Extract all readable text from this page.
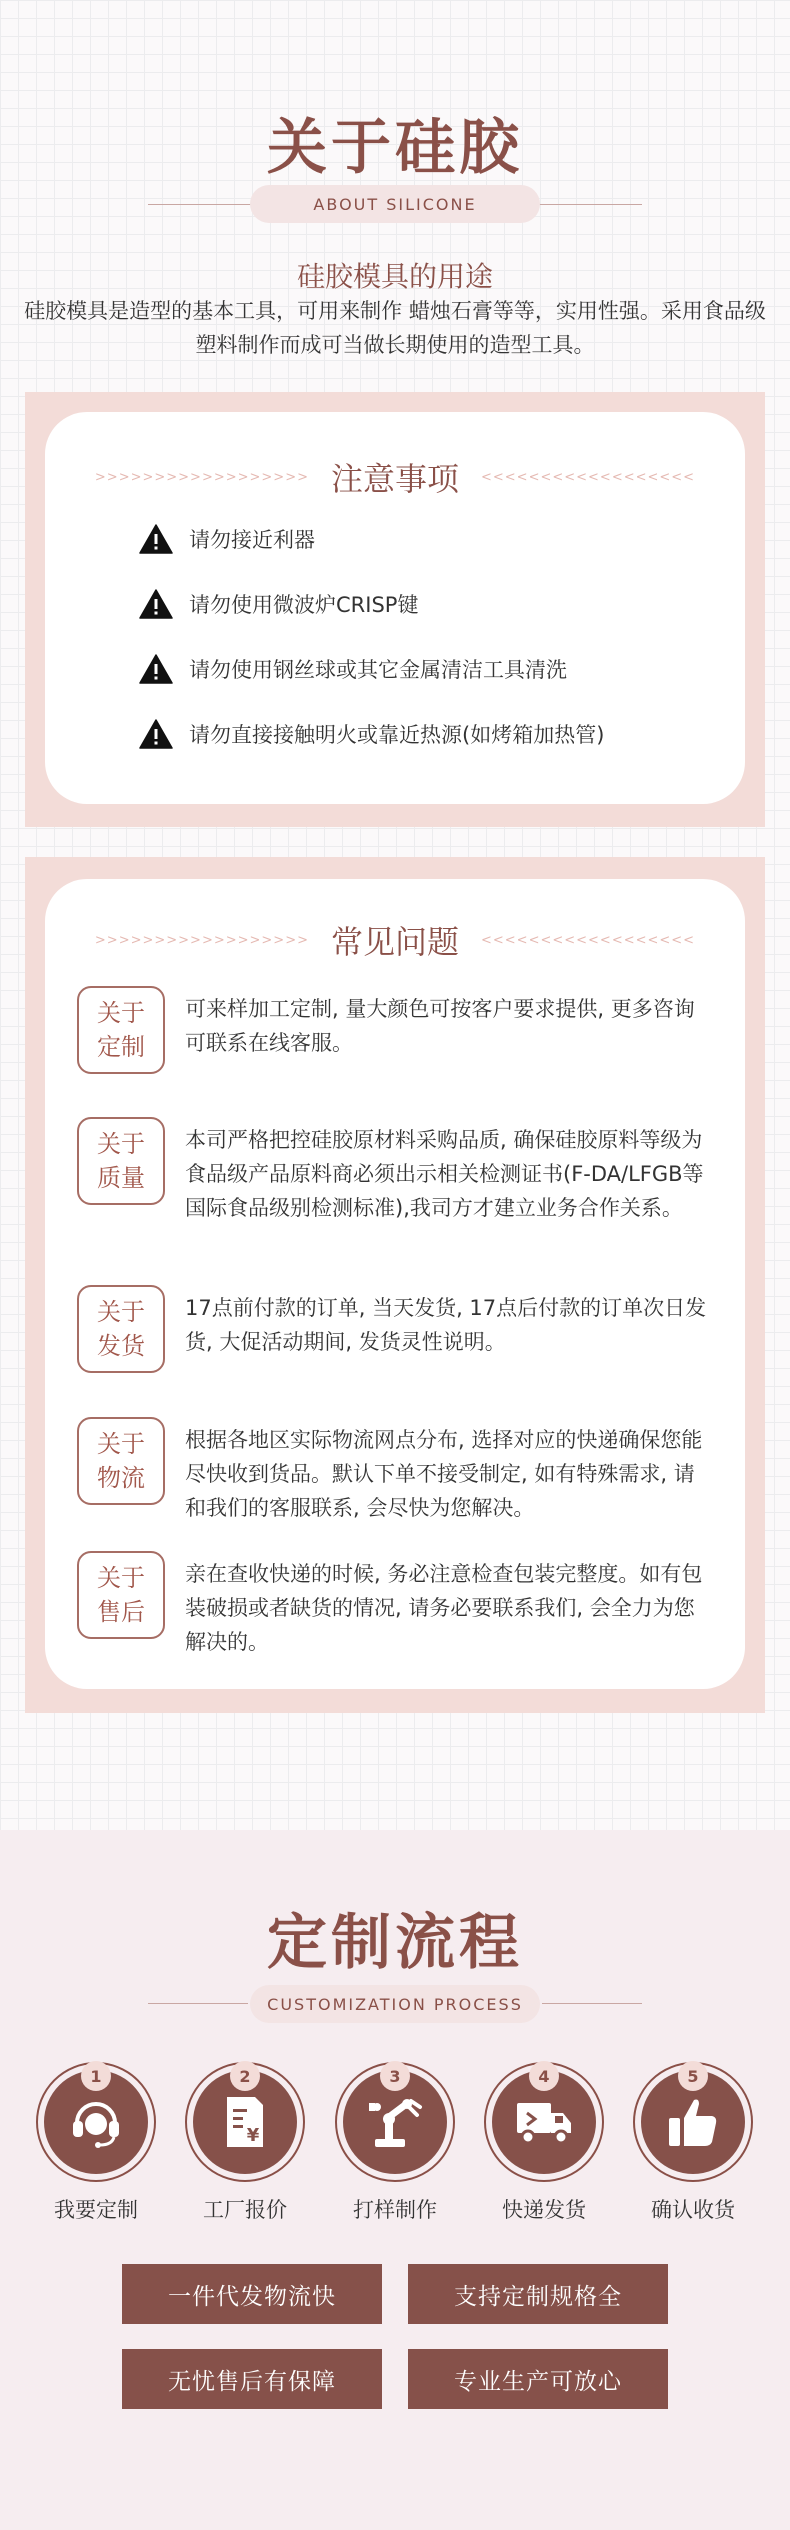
关于硅胶
ABOUT SILICONE
硅胶模具的用途
硅胶模具是造型的基本工具，可用来制作 蜡烛石膏等等，实用性强。采用食品级塑料制作而成可当做长期使用的造型工具。
>>>>>>>>>>>>>>>>>> 注意事项 <<<<<<<<<<<<<<<<<<
请勿接近利器
请勿使用微波炉CRISP键
请勿使用钢丝球或其它金属清洁工具清洗
请勿直接接触明火或靠近热源(如烤箱加热管)
>>>>>>>>>>>>>>>>>> 常见问题 <<<<<<<<<<<<<<<<<<
关于
定制
可来样加工定制, 量大颜色可按客户要求提供, 更多咨询可联系在线客服。
关于
质量
本司严格把控硅胶原材料采购品质, 确保硅胶原料等级为食品级产品原料商必须出示相关检测证书(F-DA/LFGB等国际食品级别检测标准),我司方才建立业务合作关系。
关于
发货
17点前付款的订单, 当天发货, 17点后付款的订单次日发货, 大促活动期间, 发货灵性说明。
关于
物流
根据各地区实际物流网点分布, 选择对应的快递确保您能尽快收到货品。默认下单不接受制定, 如有特殊需求, 请和我们的客服联系, 会尽快为您解决。
关于
售后
亲在查收快递的时候, 务必注意检查包装完整度。如有包装破损或者缺货的情况, 请务必要联系我们, 会全力为您解决的。
定制流程
CUSTOMIZATION PROCESS
1
我要定制
¥
2
工厂报价
3
打样制作
4
快递发货
5
确认收货
一件代发物流快	支持定制规格全
无忧售后有保障	专业生产可放心
